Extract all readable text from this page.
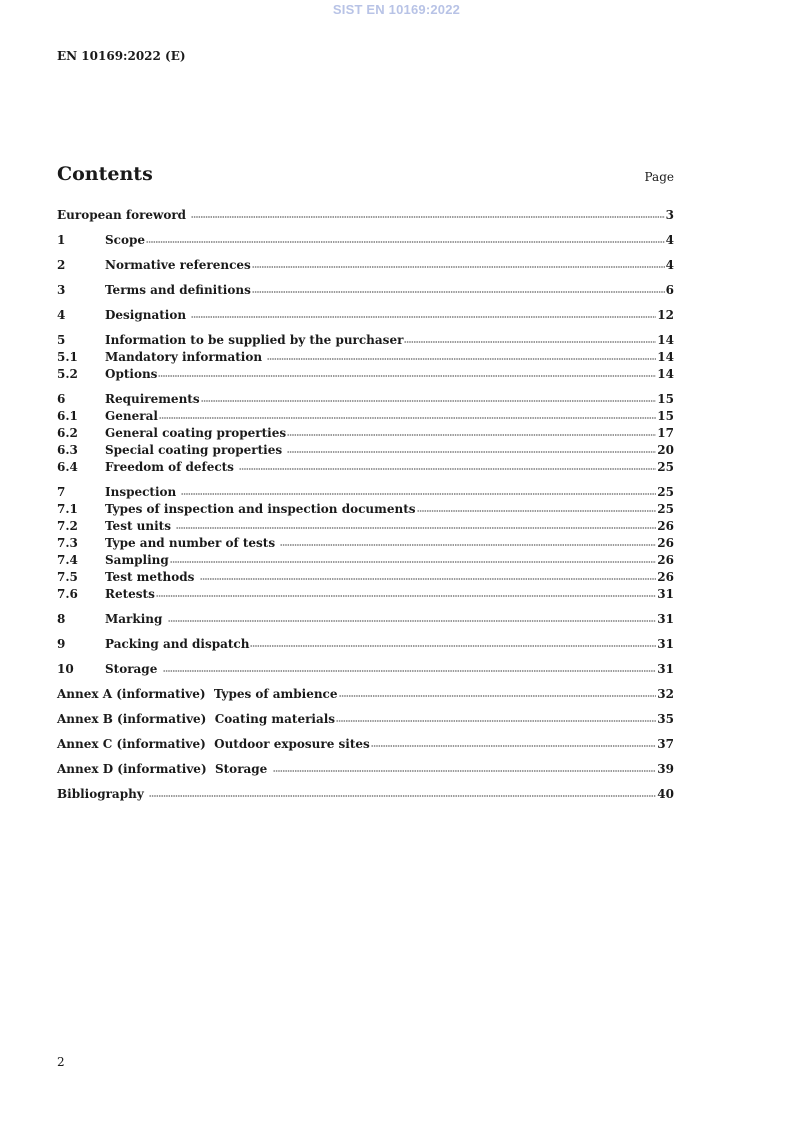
SIST EN 10169:2022
EN 10169:2022 (E)
Contents	Page
European foreword	3
1	Scope	4
2	Normative references	4
3	Terms and definitions	6
4	Designation	12
5	Information to be supplied by the purchaser	14
5.1	Mandatory information	14
5.2	Options	14
6	Requirements	15
6.1	General	15
6.2	General coating properties	17
6.3	Special coating properties	20
6.4	Freedom of defects	25
7	Inspection	25
7.1	Types of inspection and inspection documents	25
7.2	Test units	26
7.3	Type and number of tests	26
7.4	Sampling	26
7.5	Test methods	26
7.6	Retests	31
8	Marking	31
9	Packing and dispatch	31
10	Storage	31
Annex A (informative)  Types of ambience	32
Annex B (informative)  Coating materials	35
Annex C (informative)  Outdoor exposure sites	37
Annex D (informative)  Storage	39
Bibliography	40
2
